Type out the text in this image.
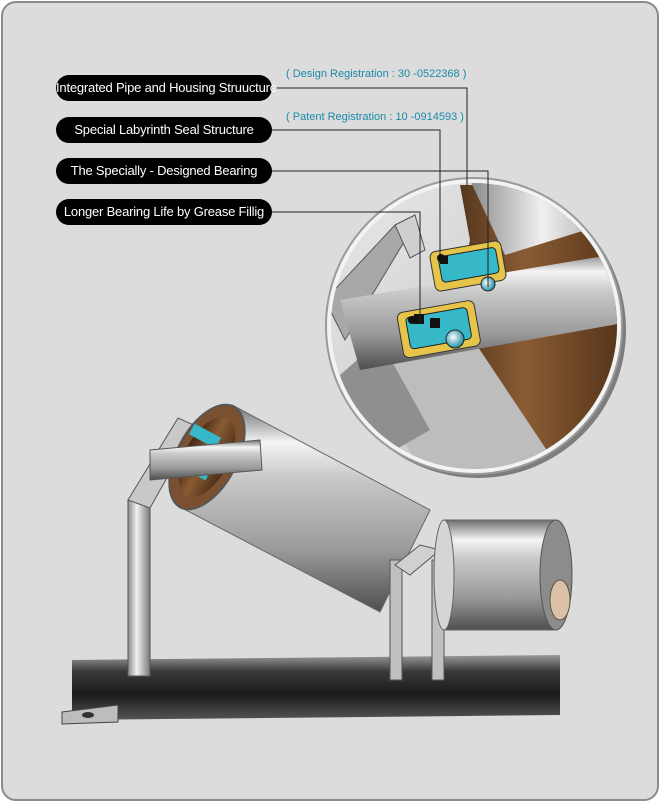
Integrated Pipe and Housing Struucture
Special Labyrinth Seal Structure
The Specially - Designed Bearing
Longer Bearing Life by Grease Fillig
( Design Registration : 30 -0522368 )
( Patent Registration : 10 -0914593 )
